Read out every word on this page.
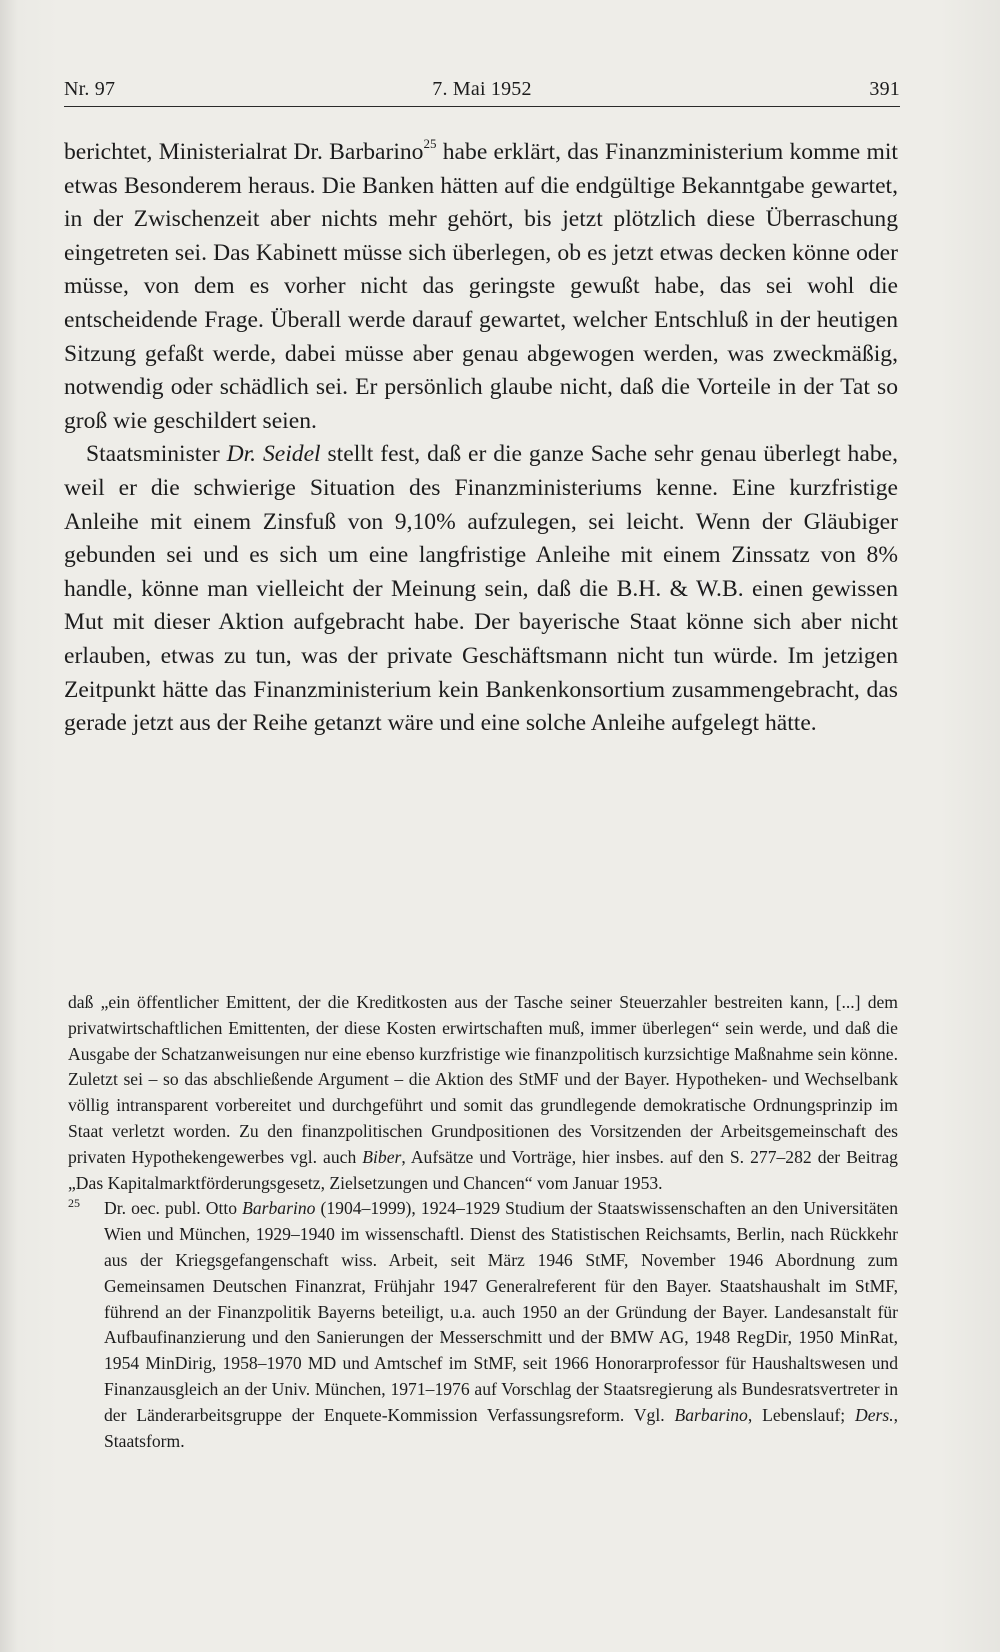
Nr. 97	7. Mai 1952	391

berichtet, Ministerialrat Dr. Barbarino$^{25}$ habe erklärt, das Finanzministerium komme mit etwas Besonderem heraus. Die Banken hätten auf die endgültige Bekanntgabe gewartet, in der Zwischenzeit aber nichts mehr gehört, bis jetzt plötzlich diese Überraschung eingetreten sei. Das Kabinett müsse sich überlegen, ob es jetzt etwas decken könne oder müsse, von dem es vorher nicht das geringste gewußt habe, das sei wohl die entscheidende Frage. Überall werde darauf gewartet, welcher Entschluß in der heutigen Sitzung gefaßt werde, dabei müsse aber genau abgewogen werden, was zweckmäßig, notwendig oder schädlich sei. Er persönlich glaube nicht, daß die Vorteile in der Tat so groß wie geschildert seien.

Staatsminister Dr. Seidel stellt fest, daß er die ganze Sache sehr genau überlegt habe, weil er die schwierige Situation des Finanzministeriums kenne. Eine kurzfristige Anleihe mit einem Zinsfuß von 9,10% aufzulegen, sei leicht. Wenn der Gläubiger gebunden sei und es sich um eine langfristige Anleihe mit einem Zinssatz von 8% handle, könne man vielleicht der Meinung sein, daß die B.H. & W.B. einen gewissen Mut mit dieser Aktion aufgebracht habe. Der bayerische Staat könne sich aber nicht erlauben, etwas zu tun, was der private Geschäftsmann nicht tun würde. Im jetzigen Zeitpunkt hätte das Finanzministerium kein Bankenkonsortium zusammengebracht, das gerade jetzt aus der Reihe getanzt wäre und eine solche Anleihe aufgelegt hätte.

daß „ein öffentlicher Emittent, der die Kreditkosten aus der Tasche seiner Steuerzahler bestreiten kann, [...] dem privatwirtschaftlichen Emittenten, der diese Kosten erwirtschaften muß, immer überlegen“ sein werde, und daß die Ausgabe der Schatzanweisungen nur eine ebenso kurzfristige wie finanzpolitisch kurzsichtige Maßnahme sein könne. Zuletzt sei – so das abschließende Argument – die Aktion des StMF und der Bayer. Hypotheken- und Wechselbank völlig intransparent vorbereitet und durchgeführt und somit das grundlegende demokratische Ordnungsprinzip im Staat verletzt worden. Zu den finanzpolitischen Grundpositionen des Vorsitzenden der Arbeitsgemeinschaft des privaten Hypothekengewerbes vgl. auch Biber, Aufsätze und Vorträge, hier insbes. auf den S. 277–282 der Beitrag „Das Kapitalmarktförderungsgesetz, Zielsetzungen und Chancen“ vom Januar 1953.

25 Dr. oec. publ. Otto Barbarino (1904–1999), 1924–1929 Studium der Staatswissenschaften an den Universitäten Wien und München, 1929–1940 im wissenschaftl. Dienst des Statistischen Reichsamts, Berlin, nach Rückkehr aus der Kriegsgefangenschaft wiss. Arbeit, seit März 1946 StMF, November 1946 Abordnung zum Gemeinsamen Deutschen Finanzrat, Frühjahr 1947 Generalreferent für den Bayer. Staatshaushalt im StMF, führend an der Finanzpolitik Bayerns beteiligt, u.a. auch 1950 an der Gründung der Bayer. Landesanstalt für Aufbaufinanzierung und den Sanierungen der Messerschmitt und der BMW AG, 1948 RegDir, 1950 MinRat, 1954 MinDirig, 1958–1970 MD und Amtschef im StMF, seit 1966 Honorarprofessor für Haushaltswesen und Finanzausgleich an der Univ. München, 1971–1976 auf Vorschlag der Staatsregierung als Bundesratsvertreter in der Länderarbeitsgruppe der Enquete-Kommission Verfassungsreform. Vgl. Barbarino, Lebenslauf; Ders., Staatsform.
